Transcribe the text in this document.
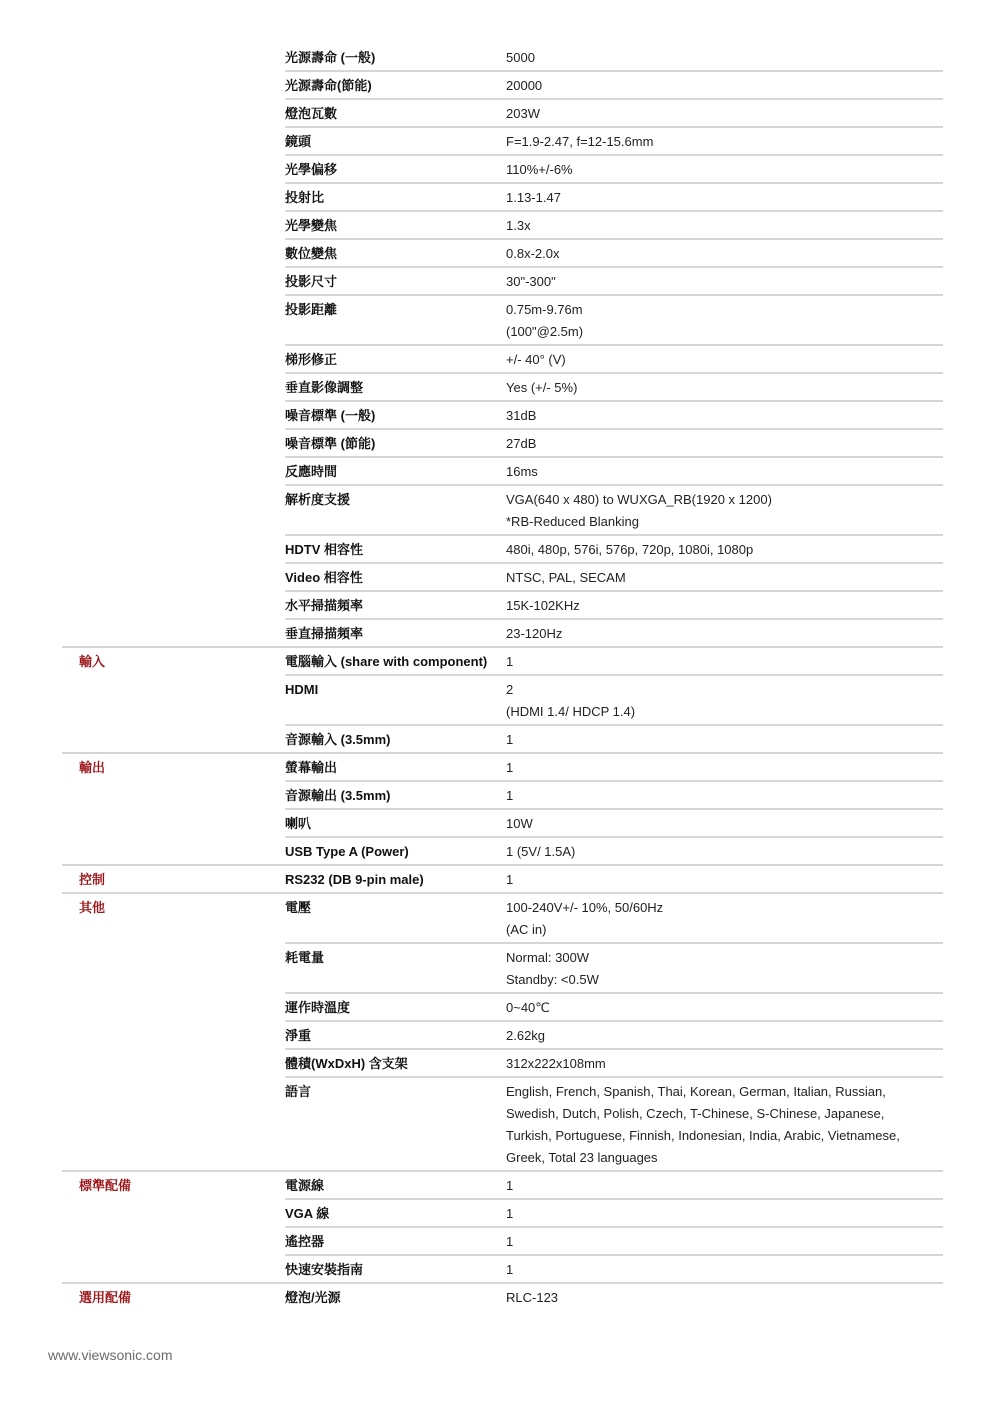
光源壽命 (一般)	5000
光源壽命(節能)	20000
燈泡瓦數	203W
鏡頭	F=1.9-2.47, f=12-15.6mm
光學偏移	110%+/-6%
投射比	1.13-1.47
光學變焦	1.3x
數位變焦	0.8x-2.0x
投影尺寸	30"-300"
投影距離	0.75m-9.76m
(100"@2.5m)
梯形修正	+/- 40° (V)
垂直影像調整	Yes (+/- 5%)
噪音標準 (一般)	31dB
噪音標準 (節能)	27dB
反應時間	16ms
解析度支援	VGA(640 x 480) to WUXGA_RB(1920 x 1200)
*RB-Reduced Blanking
HDTV 相容性	480i, 480p, 576i, 576p, 720p, 1080i, 1080p
Video 相容性	NTSC, PAL, SECAM
水平掃描頻率	15K-102KHz
垂直掃描頻率	23-120Hz
輸入	電腦輸入 (share with component)	1
HDMI	2
(HDMI 1.4/ HDCP 1.4)
音源輸入 (3.5mm)	1
輸出	螢幕輸出	1
音源輸出 (3.5mm)	1
喇叭	10W
USB Type A (Power)	1 (5V/ 1.5A)
控制	RS232 (DB 9-pin male)	1
其他	電壓	100-240V+/- 10%, 50/60Hz
(AC in)
耗電量	Normal: 300W
Standby: <0.5W
運作時溫度	0~40℃
淨重	2.62kg
體積(WxDxH) 含支架	312x222x108mm
語言	English, French, Spanish, Thai, Korean, German, Italian, Russian,
Swedish, Dutch, Polish, Czech, T-Chinese, S-Chinese, Japanese,
Turkish, Portuguese, Finnish, Indonesian, India, Arabic, Vietnamese,
Greek, Total 23 languages
標準配備	電源線	1
VGA 線	1
遙控器	1
快速安裝指南	1
選用配備	燈泡/光源	RLC-123
www.viewsonic.com
